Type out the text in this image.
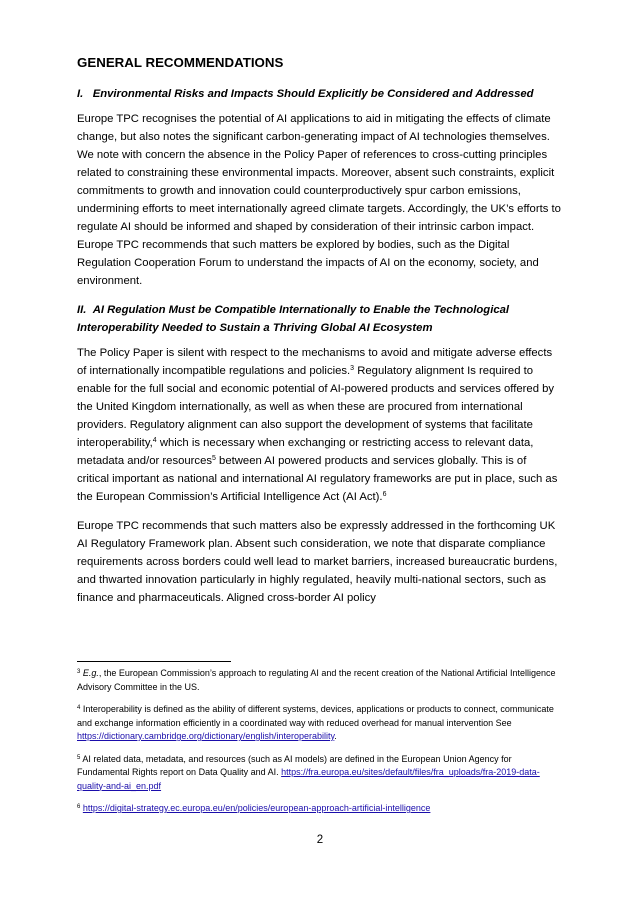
GENERAL RECOMMENDATIONS
I.   Environmental Risks and Impacts Should Explicitly be Considered and Addressed

Europe TPC recognises the potential of AI applications to aid in mitigating the effects of climate change, but also notes the significant carbon-generating impact of AI technologies themselves. We note with concern the absence in the Policy Paper of references to cross-cutting principles related to constraining these environmental impacts. Moreover, absent such constraints, explicit commitments to growth and innovation could counterproductively spur carbon emissions, undermining efforts to meet internationally agreed climate targets. Accordingly, the UK’s efforts to regulate AI should be informed and shaped by consideration of their intrinsic carbon impact. Europe TPC recommends that such matters be explored by bodies, such as the Digital Regulation Cooperation Forum to understand the impacts of AI on the economy, society, and environment.

II.  AI Regulation Must be Compatible Internationally to Enable the Technological Interoperability Needed to Sustain a Thriving Global AI Ecosystem

The Policy Paper is silent with respect to the mechanisms to avoid and mitigate adverse effects of internationally incompatible regulations and policies.$^3$ Regulatory alignment Is required to enable for the full social and economic potential of AI-powered products and services offered by the United Kingdom internationally, as well as when these are procured from international providers. Regulatory alignment can also support the development of systems that facilitate interoperability,$^4$ which is necessary when exchanging or restricting access to relevant data, metadata and/or resources$^5$ between AI powered products and services globally. This is of critical important as national and international AI regulatory frameworks are put in place, such as the European Commission’s Artificial Intelligence Act (AI Act).$^6$

Europe TPC recommends that such matters also be expressly addressed in the forthcoming UK AI Regulatory Framework plan. Absent such consideration, we note that disparate compliance requirements across borders could well lead to market barriers, increased bureaucratic burdens, and thwarted innovation particularly in highly regulated, heavily multi-national sectors, such as finance and pharmaceuticals. Aligned cross-border AI policy

$^3$ E.g., the European Commission’s approach to regulating AI and the recent creation of the National Artificial Intelligence Advisory Committee in the US.

$^4$ Interoperability is defined as the ability of different systems, devices, applications or products to connect, communicate and exchange information efficiently in a coordinated way with reduced overhead for manual intervention See https://dictionary.cambridge.org/dictionary/english/interoperability.

$^5$ AI related data, metadata, and resources (such as AI models) are defined in the European Union Agency for Fundamental Rights report on Data Quality and AI. https://fra.europa.eu/sites/default/files/fra_uploads/fra-2019-data-quality-and-ai_en.pdf

$^6$ https://digital-strategy.ec.europa.eu/en/policies/european-approach-artificial-intelligence

2
